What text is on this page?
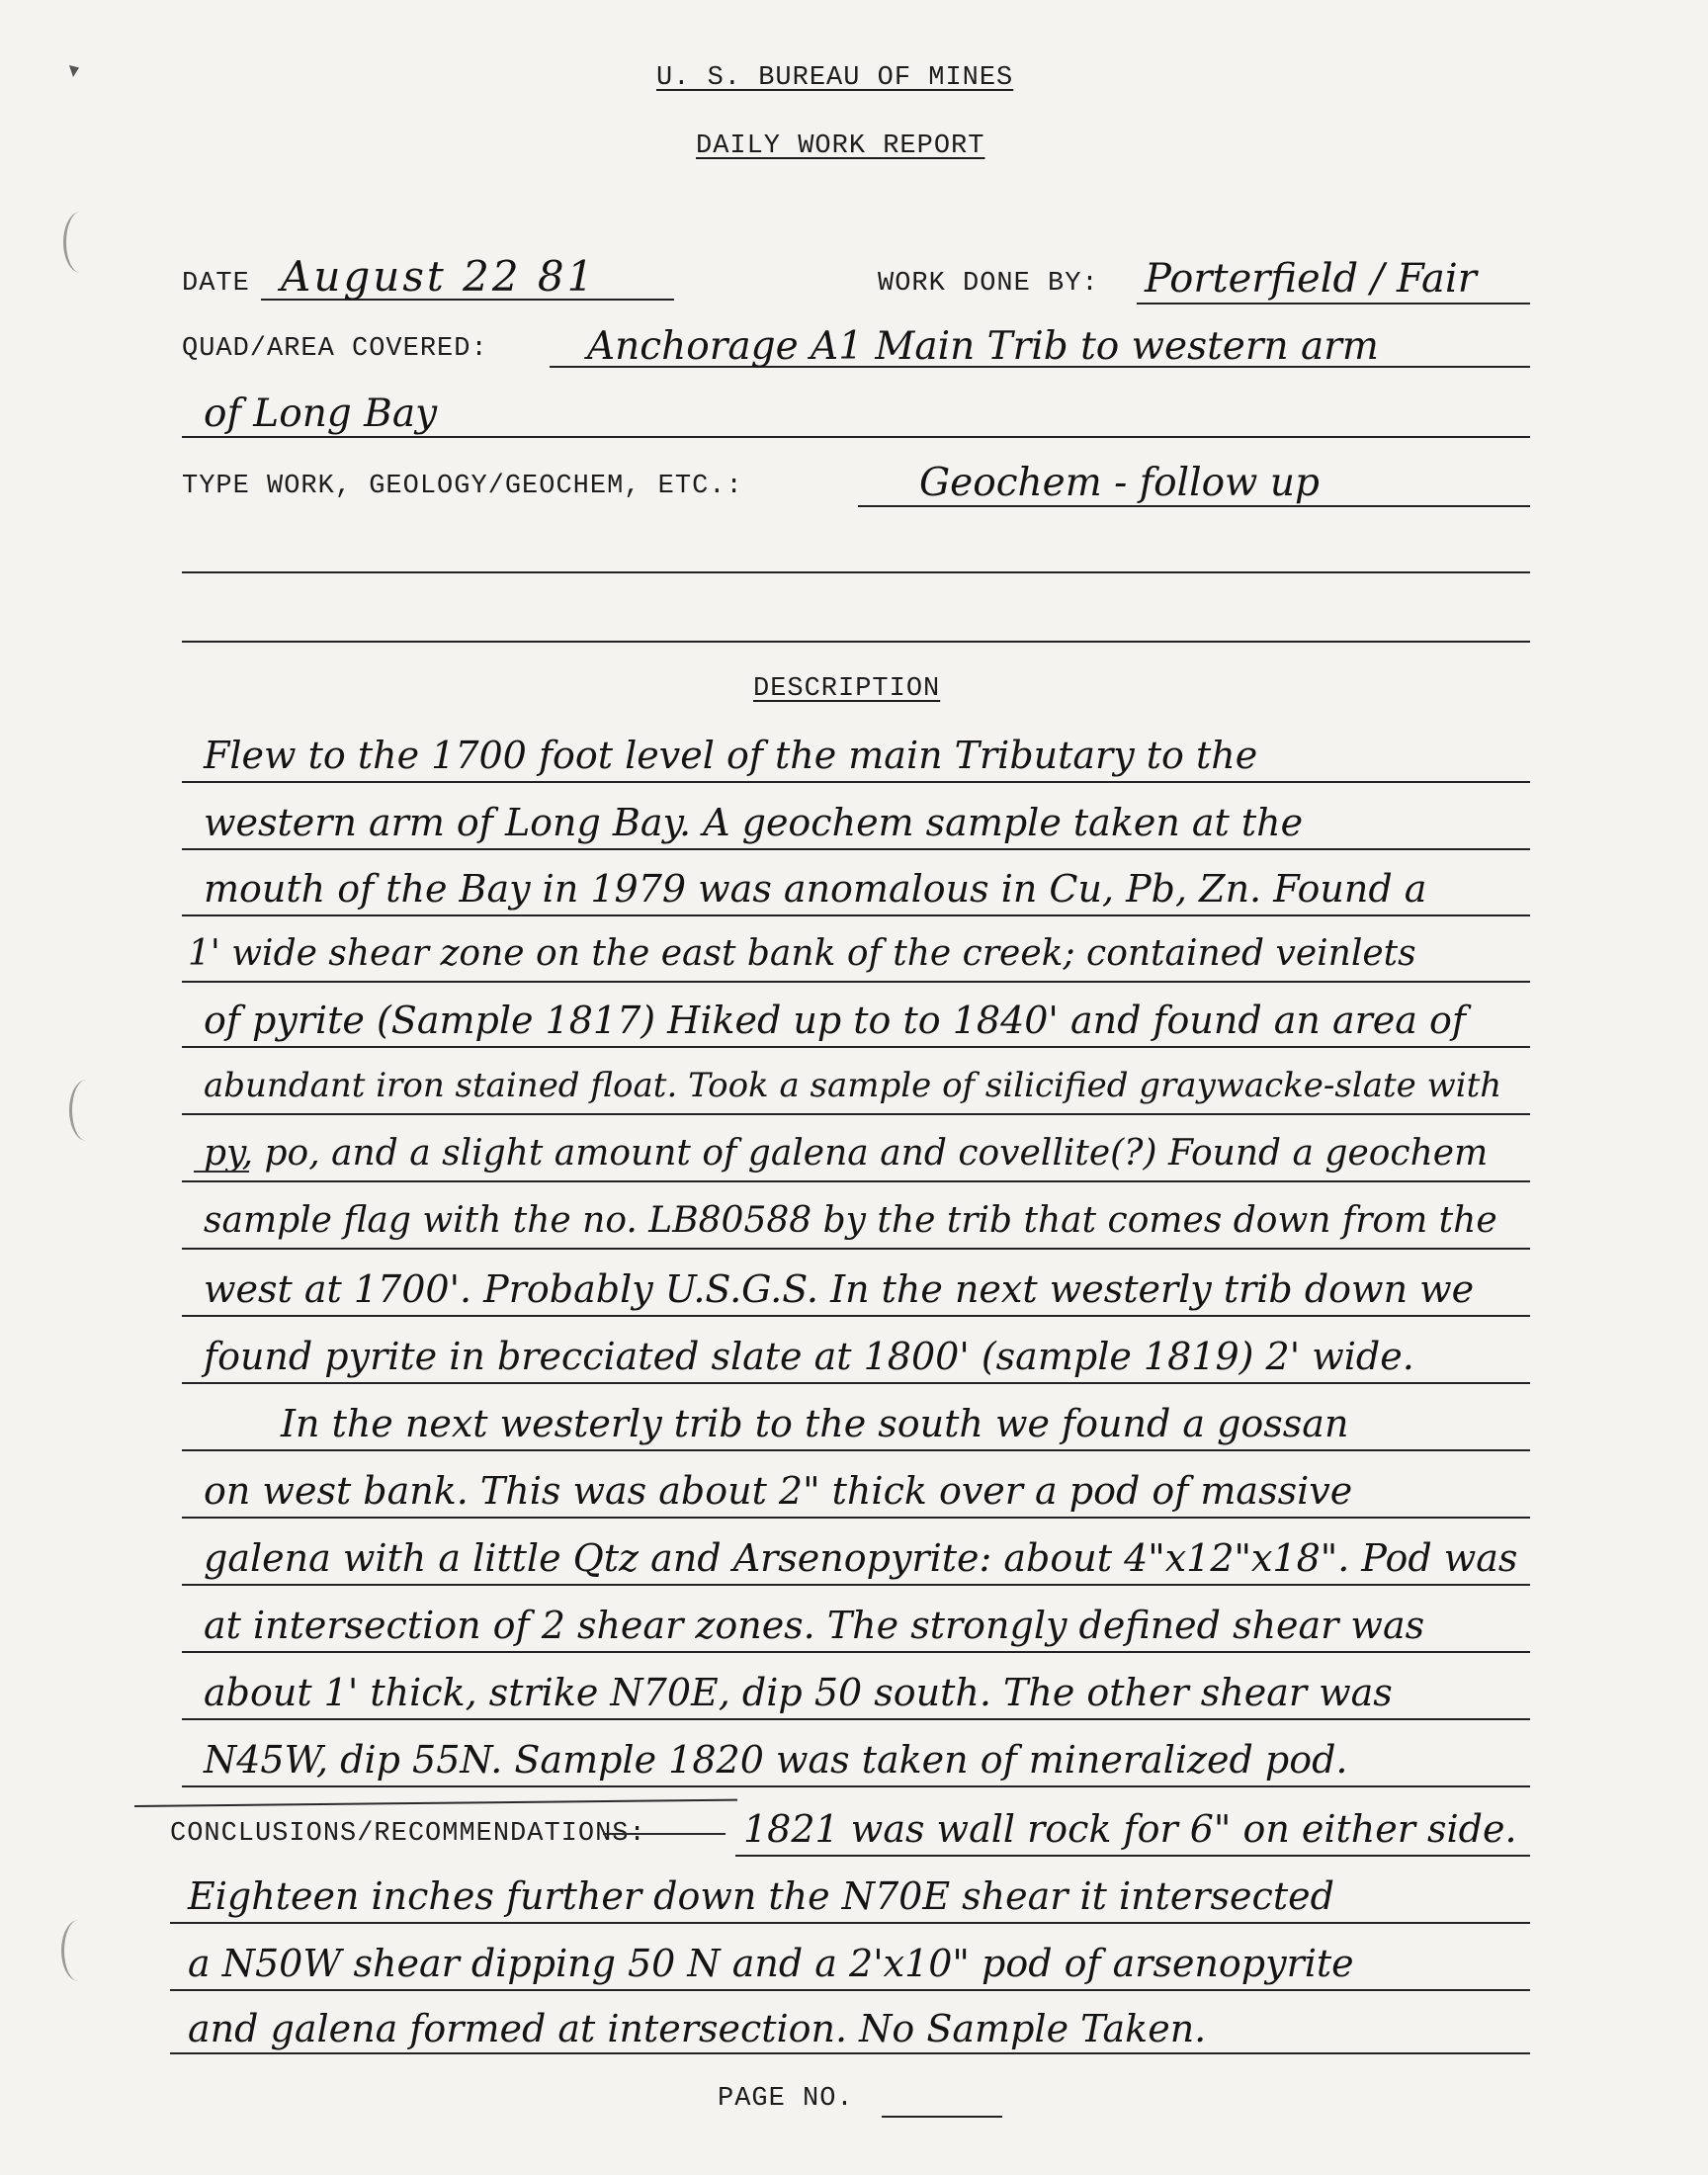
U. S. BUREAU OF MINES
DAILY WORK REPORT
DATE August 22 81	WORK DONE BY: Porterfield / Fair
QUAD/AREA COVERED:	Anchorage A1 Main Trib to western arm
of Long Bay
TYPE WORK, GEOLOGY/GEOCHEM, ETC.:	Geochem - follow up
DESCRIPTION
Flew to the 1700 foot level of the main Tributary to the
western arm of Long Bay. A geochem sample taken at the
mouth of the Bay in 1979 was anomalous in Cu, Pb, Zn. Found a
1' wide shear zone on the east bank of the creek; contained veinlets
of pyrite (Sample 1817) Hiked up to to 1840' and found an area of
abundant iron stained float. Took a sample of silicified graywacke-slate with
py, po, and a slight amount of galena and covellite(?) Found a geochem
sample flag with the no. LB80588 by the trib that comes down from the
west at 1700'. Probably U.S.G.S. In the next westerly trib down we
found pyrite in brecciated slate at 1800' (sample 1819) 2' wide.
In the next westerly trib to the south we found a gossan
on west bank. This was about 2" thick over a pod of massive
galena with a little Qtz and Arsenopyrite: about 4"x12"x18". Pod was
at intersection of 2 shear zones. The strongly defined shear was
about 1' thick, strike N70E, dip 50 south. The other shear was
N45W, dip 55N. Sample 1820 was taken of mineralized pod.
CONCLUSIONS/RECOMMENDATIONS:	1821 was wall rock for 6" on either side.
Eighteen inches further down the N70E shear it intersected
a N50W shear dipping 50 N and a 2'x10" pod of arsenopyrite
and galena formed at intersection. No Sample Taken.
PAGE NO.
